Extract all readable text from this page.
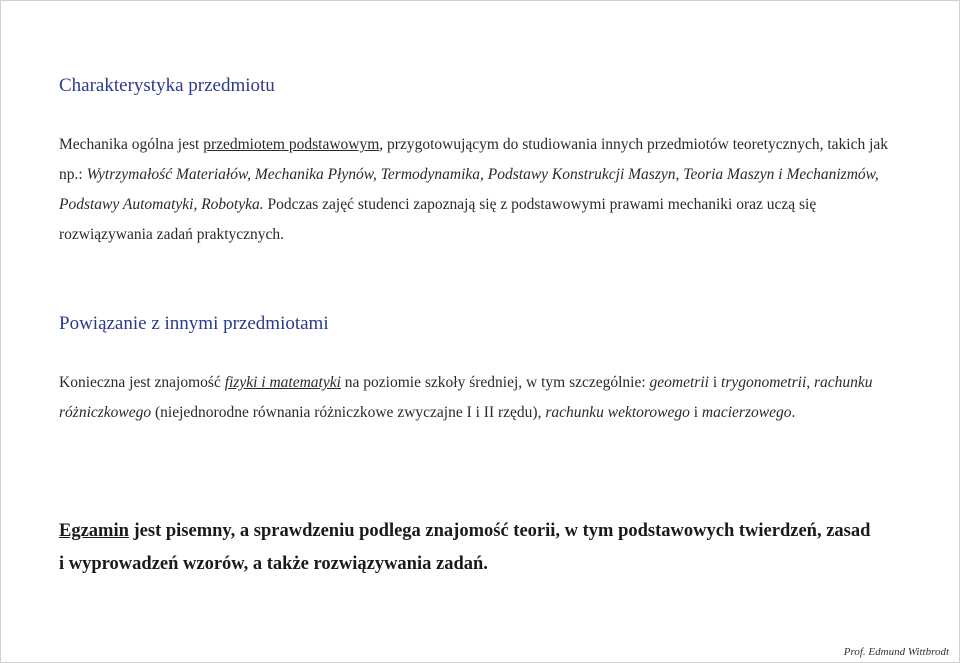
Charakterystyka przedmiotu

Mechanika ogólna jest przedmiotem podstawowym, przygotowującym do studiowania innych przedmiotów teoretycznych, takich jak np.: Wytrzymałość Materiałów, Mechanika Płynów, Termodynamika, Podstawy Konstrukcji Maszyn, Teoria Maszyn i Mechanizmów, Podstawy Automatyki, Robotyka. Podczas zajęć studenci zapoznają się z podstawowymi prawami mechaniki oraz uczą się rozwiązywania zadań praktycznych.

Powiązanie z innymi przedmiotami

Konieczna jest znajomość fizyki i matematyki na poziomie szkoły średniej, w tym szczególnie: geometrii i trygonometrii, rachunku różniczkowego (niejednorodne równania różniczkowe zwyczajne I i II rzędu), rachunku wektorowego i macierzowego.

Egzamin jest pisemny, a sprawdzeniu podlega znajomość teorii, w tym podstawowych twierdzeń, zasad i wyprowadzeń wzorów, a także rozwiązywania zadań.

Prof. Edmund Wittbrodt
